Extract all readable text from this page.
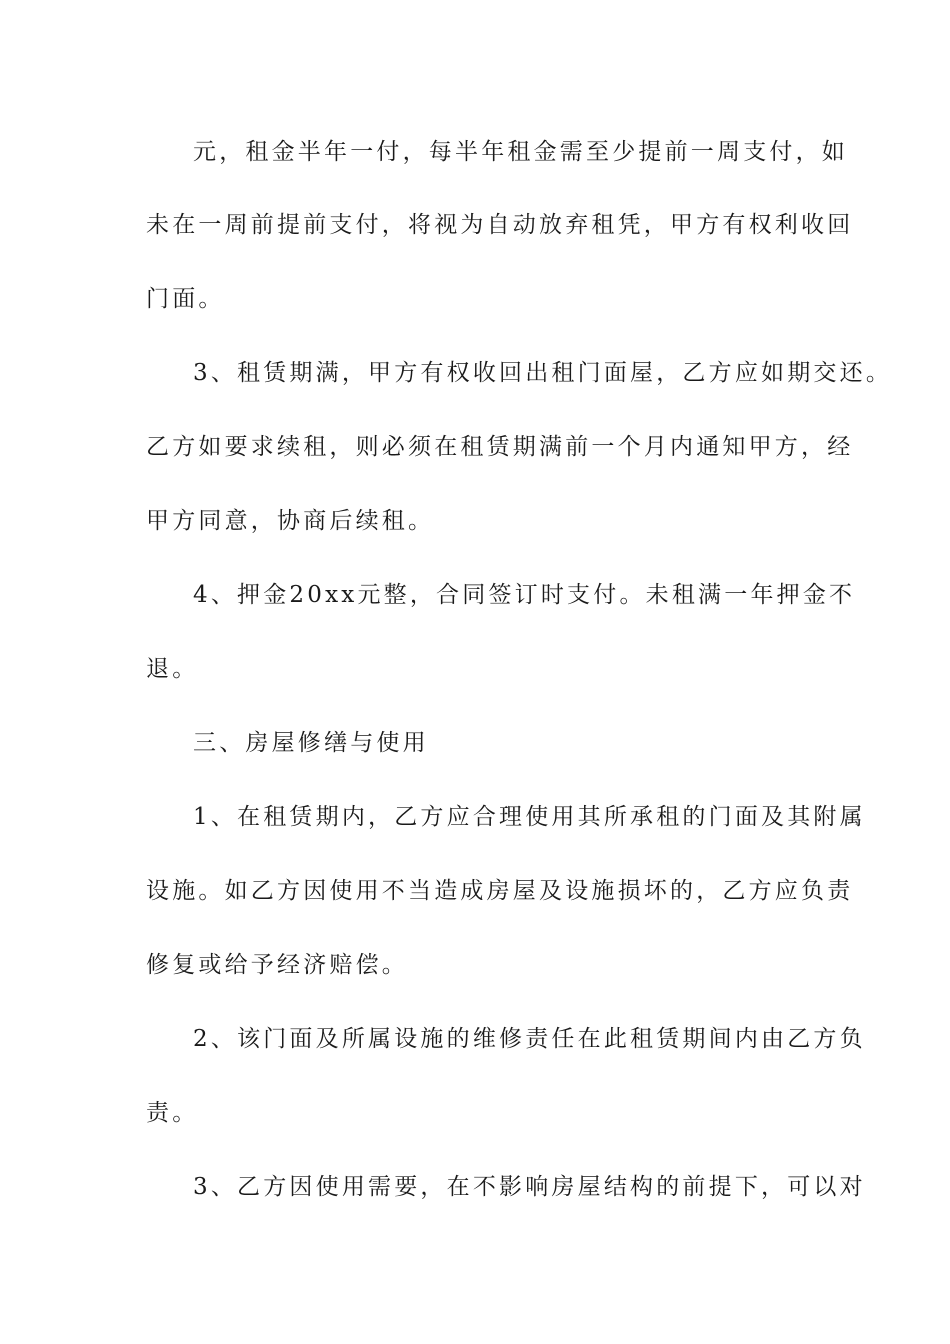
元，租金半年一付，每半年租金需至少提前一周支付，如
未在一周前提前支付，将视为自动放弃租凭，甲方有权利收回
门面。
3、租赁期满，甲方有权收回出租门面屋，乙方应如期交还。
乙方如要求续租，则必须在租赁期满前一个月内通知甲方，经
甲方同意，协商后续租。
4、押金20xx元整，合同签订时支付。未租满一年押金不
退。
三、房屋修缮与使用
1、在租赁期内，乙方应合理使用其所承租的门面及其附属
设施。如乙方因使用不当造成房屋及设施损坏的，乙方应负责
修复或给予经济赔偿。
2、该门面及所属设施的维修责任在此租赁期间内由乙方负
责。
3、乙方因使用需要，在不影响房屋结构的前提下，可以对
